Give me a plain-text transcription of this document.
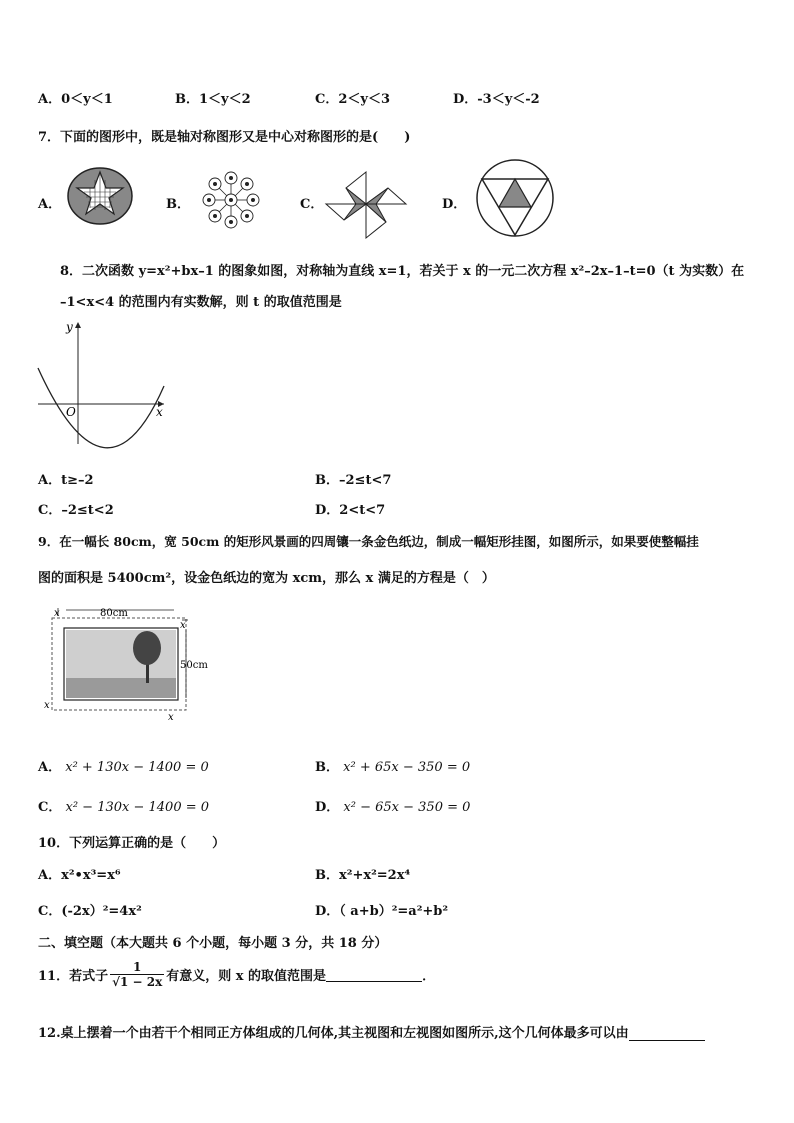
A．0＜y＜1	B．1＜y＜2	C．2＜y＜3	D．-3＜y＜-2
7．下面的图形中，既是轴对称图形又是中心对称图形的是(　　)
A．	B．	C．	D．
8．二次函数 y=x²+bx–1 的图象如图，对称轴为直线 x=1，若关于 x 的一元二次方程 x²–2x–1–t=0（t 为实数）在
–1<x<4 的范围内有实数解，则 t 的取值范围是
y
x
O
A．t≥–2	B．–2≤t<7
C．–2≤t<2	D．2<t<7
9．在一幅长 80cm，宽 50cm 的矩形风景画的四周镶一条金色纸边，制成一幅矩形挂图，如图所示，如果要使整幅挂
图的面积是 5400cm²，设金色纸边的宽为 xcm，那么 x 满足的方程是（　）
80cm
50cm
x
x
x
x
A． x² + 130x − 1400 = 0	B． x² + 65x − 350 = 0
C． x² − 130x − 1400 = 0	D． x² − 65x − 350 = 0
10．下列运算正确的是（　　）
A．x²•x³=x⁶	B．x²+x²=2x⁴
C．(-2x）²=4x²	D．（ a+b）²=a²+b²
二、填空题（本大题共 6 个小题，每小题 3 分，共 18 分）
11．若式子 $\frac{1}{√1 - 2x}$ 有意义，则 x 的取值范围是	．
12.桌上摆着一个由若干个相同正方体组成的几何体,其主视图和左视图如图所示,这个几何体最多可以由
